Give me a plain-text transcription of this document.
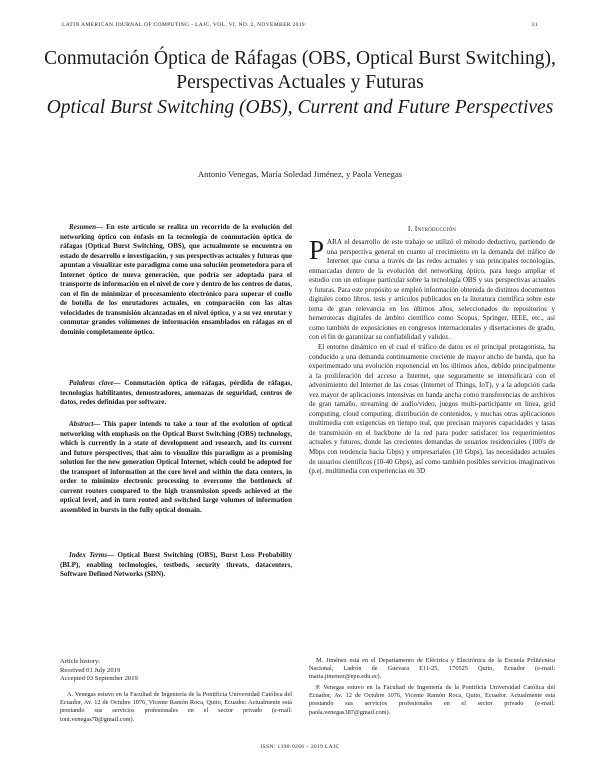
LATIN AMERICAN JOURNAL OF COMPUTING - LAJC, VOL. VI, NO. 2, NOVEMBER 2019	31
Conmutación Óptica de Ráfagas (OBS, Optical Burst Switching), Perspectivas Actuales y Futuras
Optical Burst Switching (OBS), Current and Future Perspectives
Antonio Venegas, María Soledad Jiménez, y Paola Venegas

Resumen— En este artículo se realiza un recorrido de la evolución del networking óptico con énfasis en la tecnología de conmutación óptica de ráfagas (Optical Burst Switching, OBS), que actualmente se encuentra en estado de desarrollo e investigación, y sus perspectivas actuales y futuras que apuntan a visualizar este paradigma como una solución prometedora para el Internet óptico de nueva generación, que podría ser adoptada para el transporte de información en el nivel de core y dentro de los centros de datos, con el fin de minimizar el procesamiento electrónico para superar el cuello de botella de los enrutadores actuales, en comparación con las altas velocidades de transmisión alcanzadas en el nivel óptico, y a su vez enrutar y conmutar grandes volúmenes de información ensamblados en ráfagas en el dominio completamente óptico.

Palabras clave— Conmutación óptica de ráfagas, pérdida de ráfagas, tecnologías habilitantes, demostradores, amenazas de seguridad, centros de datos, redes definidas por software.

Abstract— This paper intends to take a tour of the evolution of optical networking with emphasis on the Optical Burst Switching (OBS) technology, which is currently in a state of development and research, and its current and future perspectives, that aim to visualize this paradigm as a promising solution for the new generation Optical Internet, which could be adopted for the transport of information at the core level and within the data centers, in order to minimize electronic processing to overcome the bottleneck of current routers compared to the high transmission speeds achieved at the optical level, and in turn routed and switched large volumes of information assembled in bursts in the fully optical domain.

Index Terms— Optical Burst Switching (OBS), Burst Loss Probability (BLP), enabling technologies, testbeds, security threats, datacenters, Software Defined Networks (SDN).

Article history:
Received 01 July 2019
Accepted 03 September 2019

A. Venegas estuvo en la Facultad de Ingeniería de la Pontificia Universidad Católica del Ecuador, Av. 12 de Octubre 1076, Vicente Ramón Roca, Quito, Ecuador. Actualmente está prestando sus servicios profesionales en el sector privado (e-mail: toni.venegas78@gmail.com).

I. Introducción

PARA el desarrollo de este trabajo se utilizó el método deductivo, partiendo de una perspectiva general en cuanto al crecimiento en la demanda del tráfico de Internet que cursa a través de las redes actuales y sus principales tecnologías, enmarcadas dentro de la evolución del networking óptico, para luego ampliar el estudio con un enfoque particular sobre la tecnología OBS y sus perspectivas actuales y futuras. Para este propósito se empleó información obtenida de distintos documentos digitales como libros, tesis y artículos publicados en la literatura científica sobre este tema de gran relevancia en los últimos años, seleccionados de repositorios y hemerotecas digitales de ámbito científico como Scopus, Springer, IEEE, etc., así como también de exposiciones en congresos internacionales y disertaciones de grado, con el fin de garantizar su confiabilidad y validez.

El entorno dinámico en el cual el tráfico de datos es el principal protagonista, ha conducido a una demanda continuamente creciente de mayor ancho de banda, que ha experimentado una evolución exponencial en los últimos años, debido principalmente a la proliferación del acceso a Internet, que seguramente se intensificará con el advenimiento del Internet de las cosas (Internet of Things, IoT), y a la adopción cada vez mayor de aplicaciones intensivas en banda ancha como transferencias de archivos de gran tamaño, streaming de audio/video, juegos multi-participante en línea, grid computing, cloud computing, distribución de contenidos, y muchas otras aplicaciones multimedia con exigencias en tiempo real, que precisan mayores capacidades y tasas de transmisión en el backbone de la red para poder satisfacer los requerimientos actuales y futuros, donde las crecientes demandas de usuarios residenciales (100's de Mbps con tendencia hacia Gbps) y empresariales (10 Gbps), las necesidades actuales de usuarios científicos (10-40 Gbps), así como también posibles servicios imaginativos (p.ej. multimedia con experiencias en 3D

M. Jiménez está en el Departamento de Eléctrica y Electrónica de la Escuela Politécnica Nacional, Ladrón de Guevara E11-25, 170525 Quito, Ecuador (e-mail: maria.jimenez@epn.edu.ec).

P. Venegas estuvo en la Facultad de Ingeniería de la Pontificia Universidad Católica del Ecuador, Av. 12 de Octubre 1076, Vicente Ramón Roca, Quito, Ecuador. Actualmente está prestando sus servicios profesionales en el sector privado (e-mail: paola.venegas387@gmail.com).

ISSN: 1390-9266 – 2019 LAJC
